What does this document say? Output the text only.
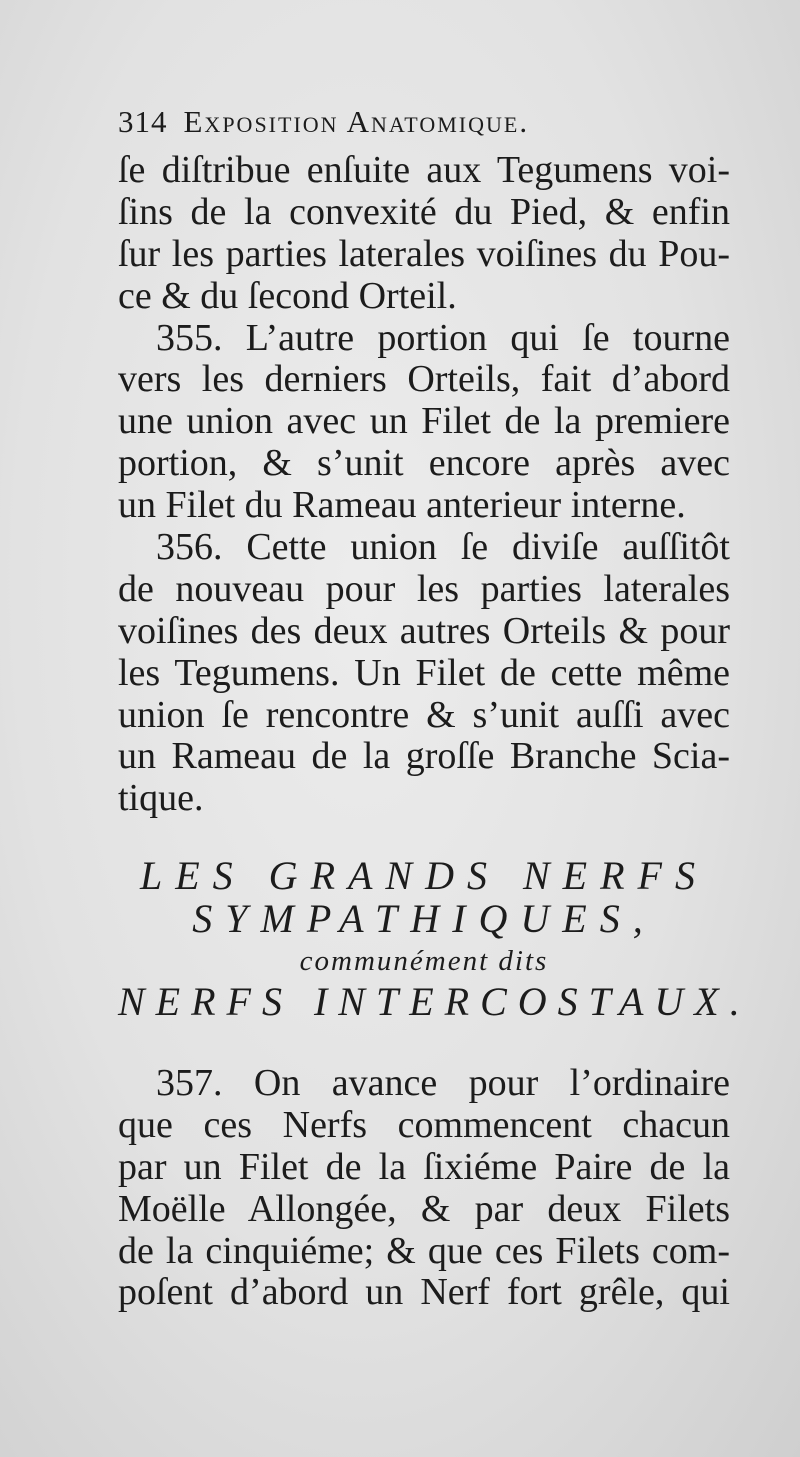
314 Exposition Anatomique.
ſe diſtribue enſuite aux Tegumens voi-
ſins de la convexité du Pied, & enfin
ſur les parties laterales voiſines du Pou-
ce & du ſecond Orteil.
355. L’autre portion qui ſe tourne
vers les derniers Orteils, fait d’abord
une union avec un Filet de la premiere
portion, & s’unit encore après avec
un Filet du Rameau anterieur interne.
356. Cette union ſe diviſe auſſitôt
de nouveau pour les parties laterales
voiſines des deux autres Orteils & pour
les Tegumens. Un Filet de cette même
union ſe rencontre & s’unit auſſi avec
un Rameau de la groſſe Branche Scia-
tique.
LES GRANDS NERFS
SYMPATHIQUES,
communément dits
NERFS INTERCOSTAUX.
357. On avance pour l’ordinaire
que ces Nerfs commencent chacun
par un Filet de la ſixiéme Paire de la
Moëlle Allongée, & par deux Filets
de la cinquiéme; & que ces Filets com-
poſent d’abord un Nerf fort grêle, qui
